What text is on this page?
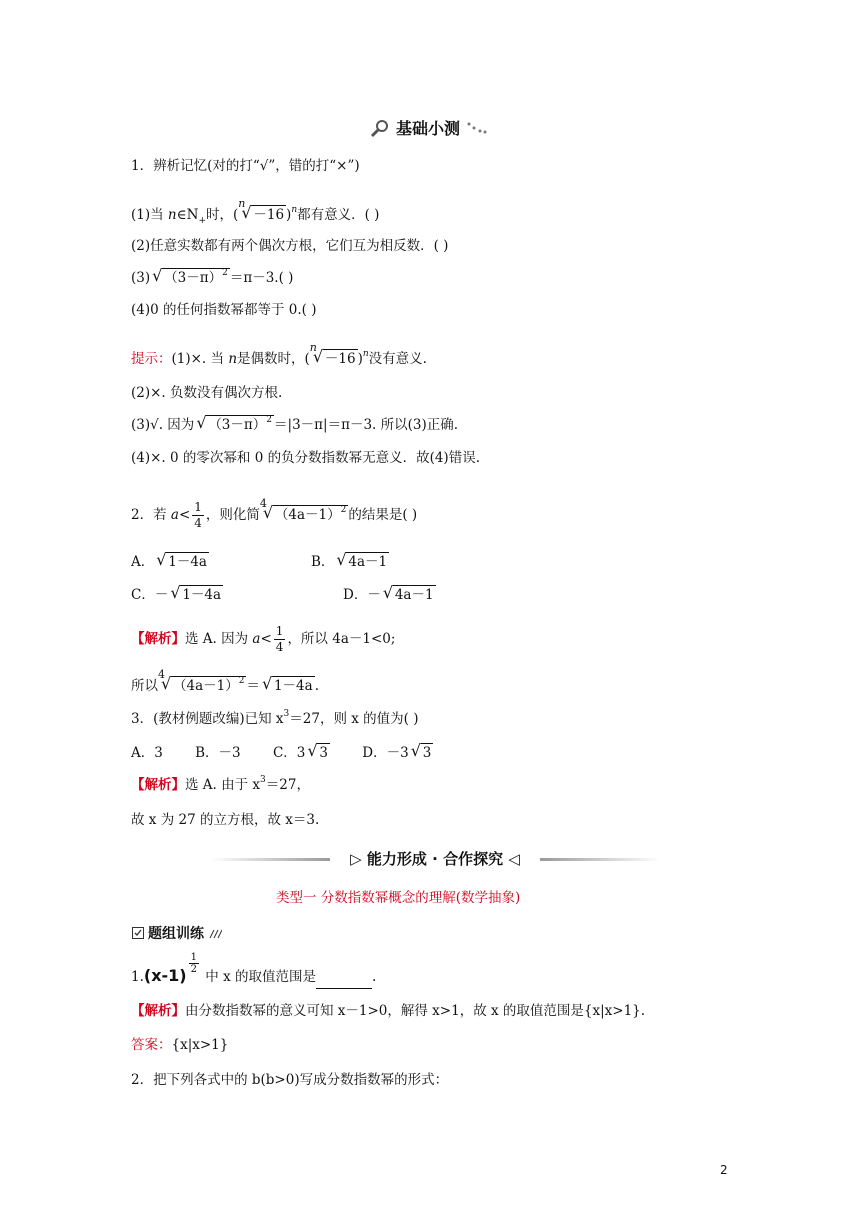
基础小测
1．辨析记忆(对的打“√”，错的打“×”)
(1)当 $n\in N_+$时，($^n$√ －16 )$^n$都有意义．( )
(2)任意实数都有两个偶次方根，它们互为相反数．( )
(3) √ $(3-\pi)^2 =\pi-3$.( )
(4)0 的任何指数幂都等于 0.( )
提示：(1)×. 当 n是偶数时，($^n$√ －16 )$^n$没有意义.
(2)×. 负数没有偶次方根.
(3)√. 因为 √ $(3-\pi)^2 =|3-\pi|=\pi-3$. 所以(3)正确.
(4)×. 0 的零次幂和 0 的负分数指数幂无意义．故(4)错误.
2．若 $a< \frac{1}{4}$ ，则化简$^4$√ $(4a-1)^2$ 的结果是( )
A． √ 1－4a	B． √ 4a－1
C．－ √ 1－4a	D．－ √ 4a－1
【解析】选 A. 因为 $a< \frac{1}{4}$ ，所以 4a－1<0;
所以$^4$√ $(4a-1)^2$ ＝ √ 1－4a .
3．(教材例题改编)已知 $x^3=27$，则 x 的值为( )
A．3 B．－3 C．3 √ 3	D．－3 √ 3
【解析】选 A. 由于 $x^3=27$，
故 x 为 27 的立方根，故 x＝3.
▷ 能力形成 · 合作探究 ◁
类型一 分数指数幂概念的理解(数学抽象)
题组训练
1.(x-1)
$\frac{1}{2}$
中 x 的取值范围是	.
【解析】由分数指数幂的意义可知 x－1>0，解得 x>1，故 x 的取值范围是{x|x>1}.
答案：{x|x>1}
2．把下列各式中的 b(b>0)写成分数指数幂的形式：
2
